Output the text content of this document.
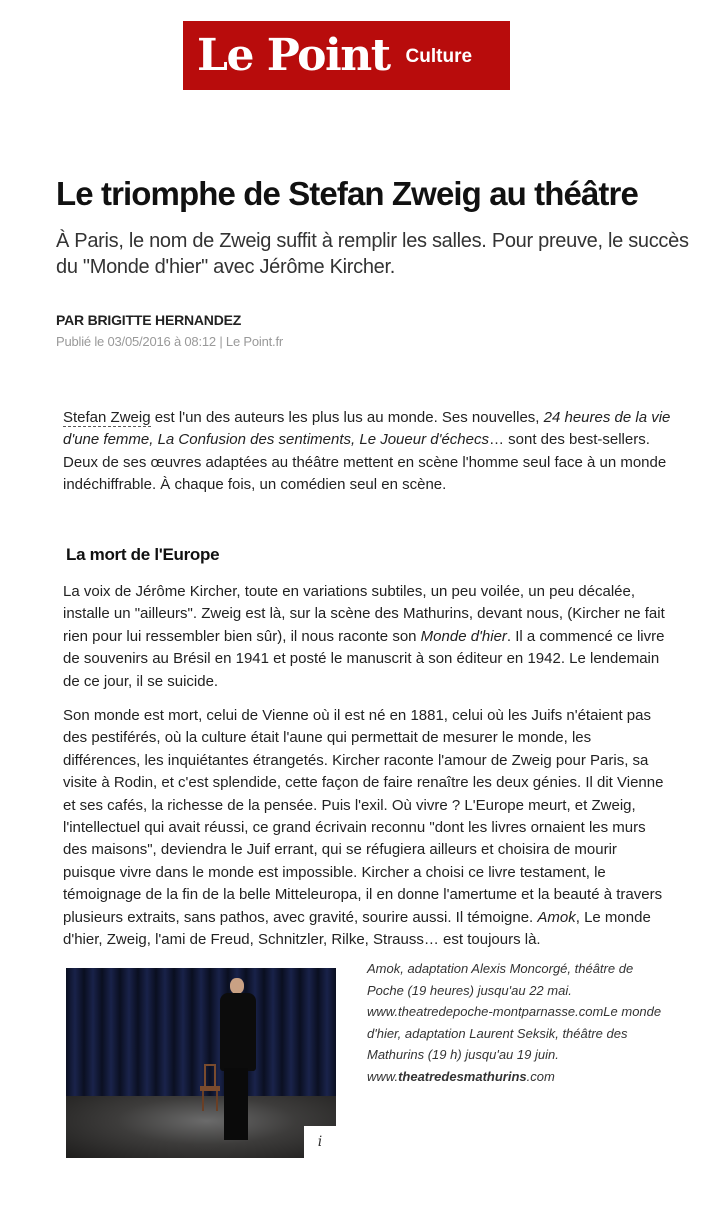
Le Point Culture
Le triomphe de Stefan Zweig au théâtre

À Paris, le nom de Zweig suffit à remplir les salles. Pour preuve, le succès du "Monde d'hier" avec Jérôme Kircher.

PAR BRIGITTE HERNANDEZ

Publié le 03/05/2016 à 08:12 | Le Point.fr

Stefan Zweig est l'un des auteurs les plus lus au monde. Ses nouvelles, 24 heures de la vie d'une femme, La Confusion des sentiments, Le Joueur d'échecs… sont des best-sellers. Deux de ses œuvres adaptées au théâtre mettent en scène l'homme seul face à un monde indéchiffrable. À chaque fois, un comédien seul en scène.

La mort de l'Europe

La voix de Jérôme Kircher, toute en variations subtiles, un peu voilée, un peu décalée, installe un "ailleurs". Zweig est là, sur la scène des Mathurins, devant nous, (Kircher ne fait rien pour lui ressembler bien sûr), il nous raconte son Monde d'hier. Il a commencé ce livre de souvenirs au Brésil en 1941 et posté le manuscrit à son éditeur en 1942. Le lendemain de ce jour, il se suicide.

Son monde est mort, celui de Vienne où il est né en 1881, celui où les Juifs n'étaient pas des pestiférés, où la culture était l'aune qui permettait de mesurer le monde, les différences, les inquiétantes étrangetés. Kircher raconte l'amour de Zweig pour Paris, sa visite à Rodin, et c'est splendide, cette façon de faire renaître les deux génies. Il dit Vienne et ses cafés, la richesse de la pensée. Puis l'exil. Où vivre ? L'Europe meurt, et Zweig, l'intellectuel qui avait réussi, ce grand écrivain reconnu "dont les livres ornaient les murs des maisons", deviendra le Juif errant, qui se réfugiera ailleurs et choisira de mourir puisque vivre dans le monde est impossible. Kircher a choisi ce livre testament, le témoignage de la fin de la belle Mitteleuropa, il en donne l'amertume et la beauté à travers plusieurs extraits, sans pathos, avec gravité, sourire aussi. Il témoigne. Amok, Le monde d'hier, Zweig, l'ami de Freud, Schnitzler, Rilke, Strauss… est toujours là.

i

Amok, adaptation Alexis Moncorgé, théâtre de Poche (19 heures) jusqu'au 22 mai. www.theatredepoche-montparnasse.comLe monde d'hier, adaptation Laurent Seksik, théâtre des Mathurins (19 h) jusqu'au 19 juin. www.theatredesmathurins.com
